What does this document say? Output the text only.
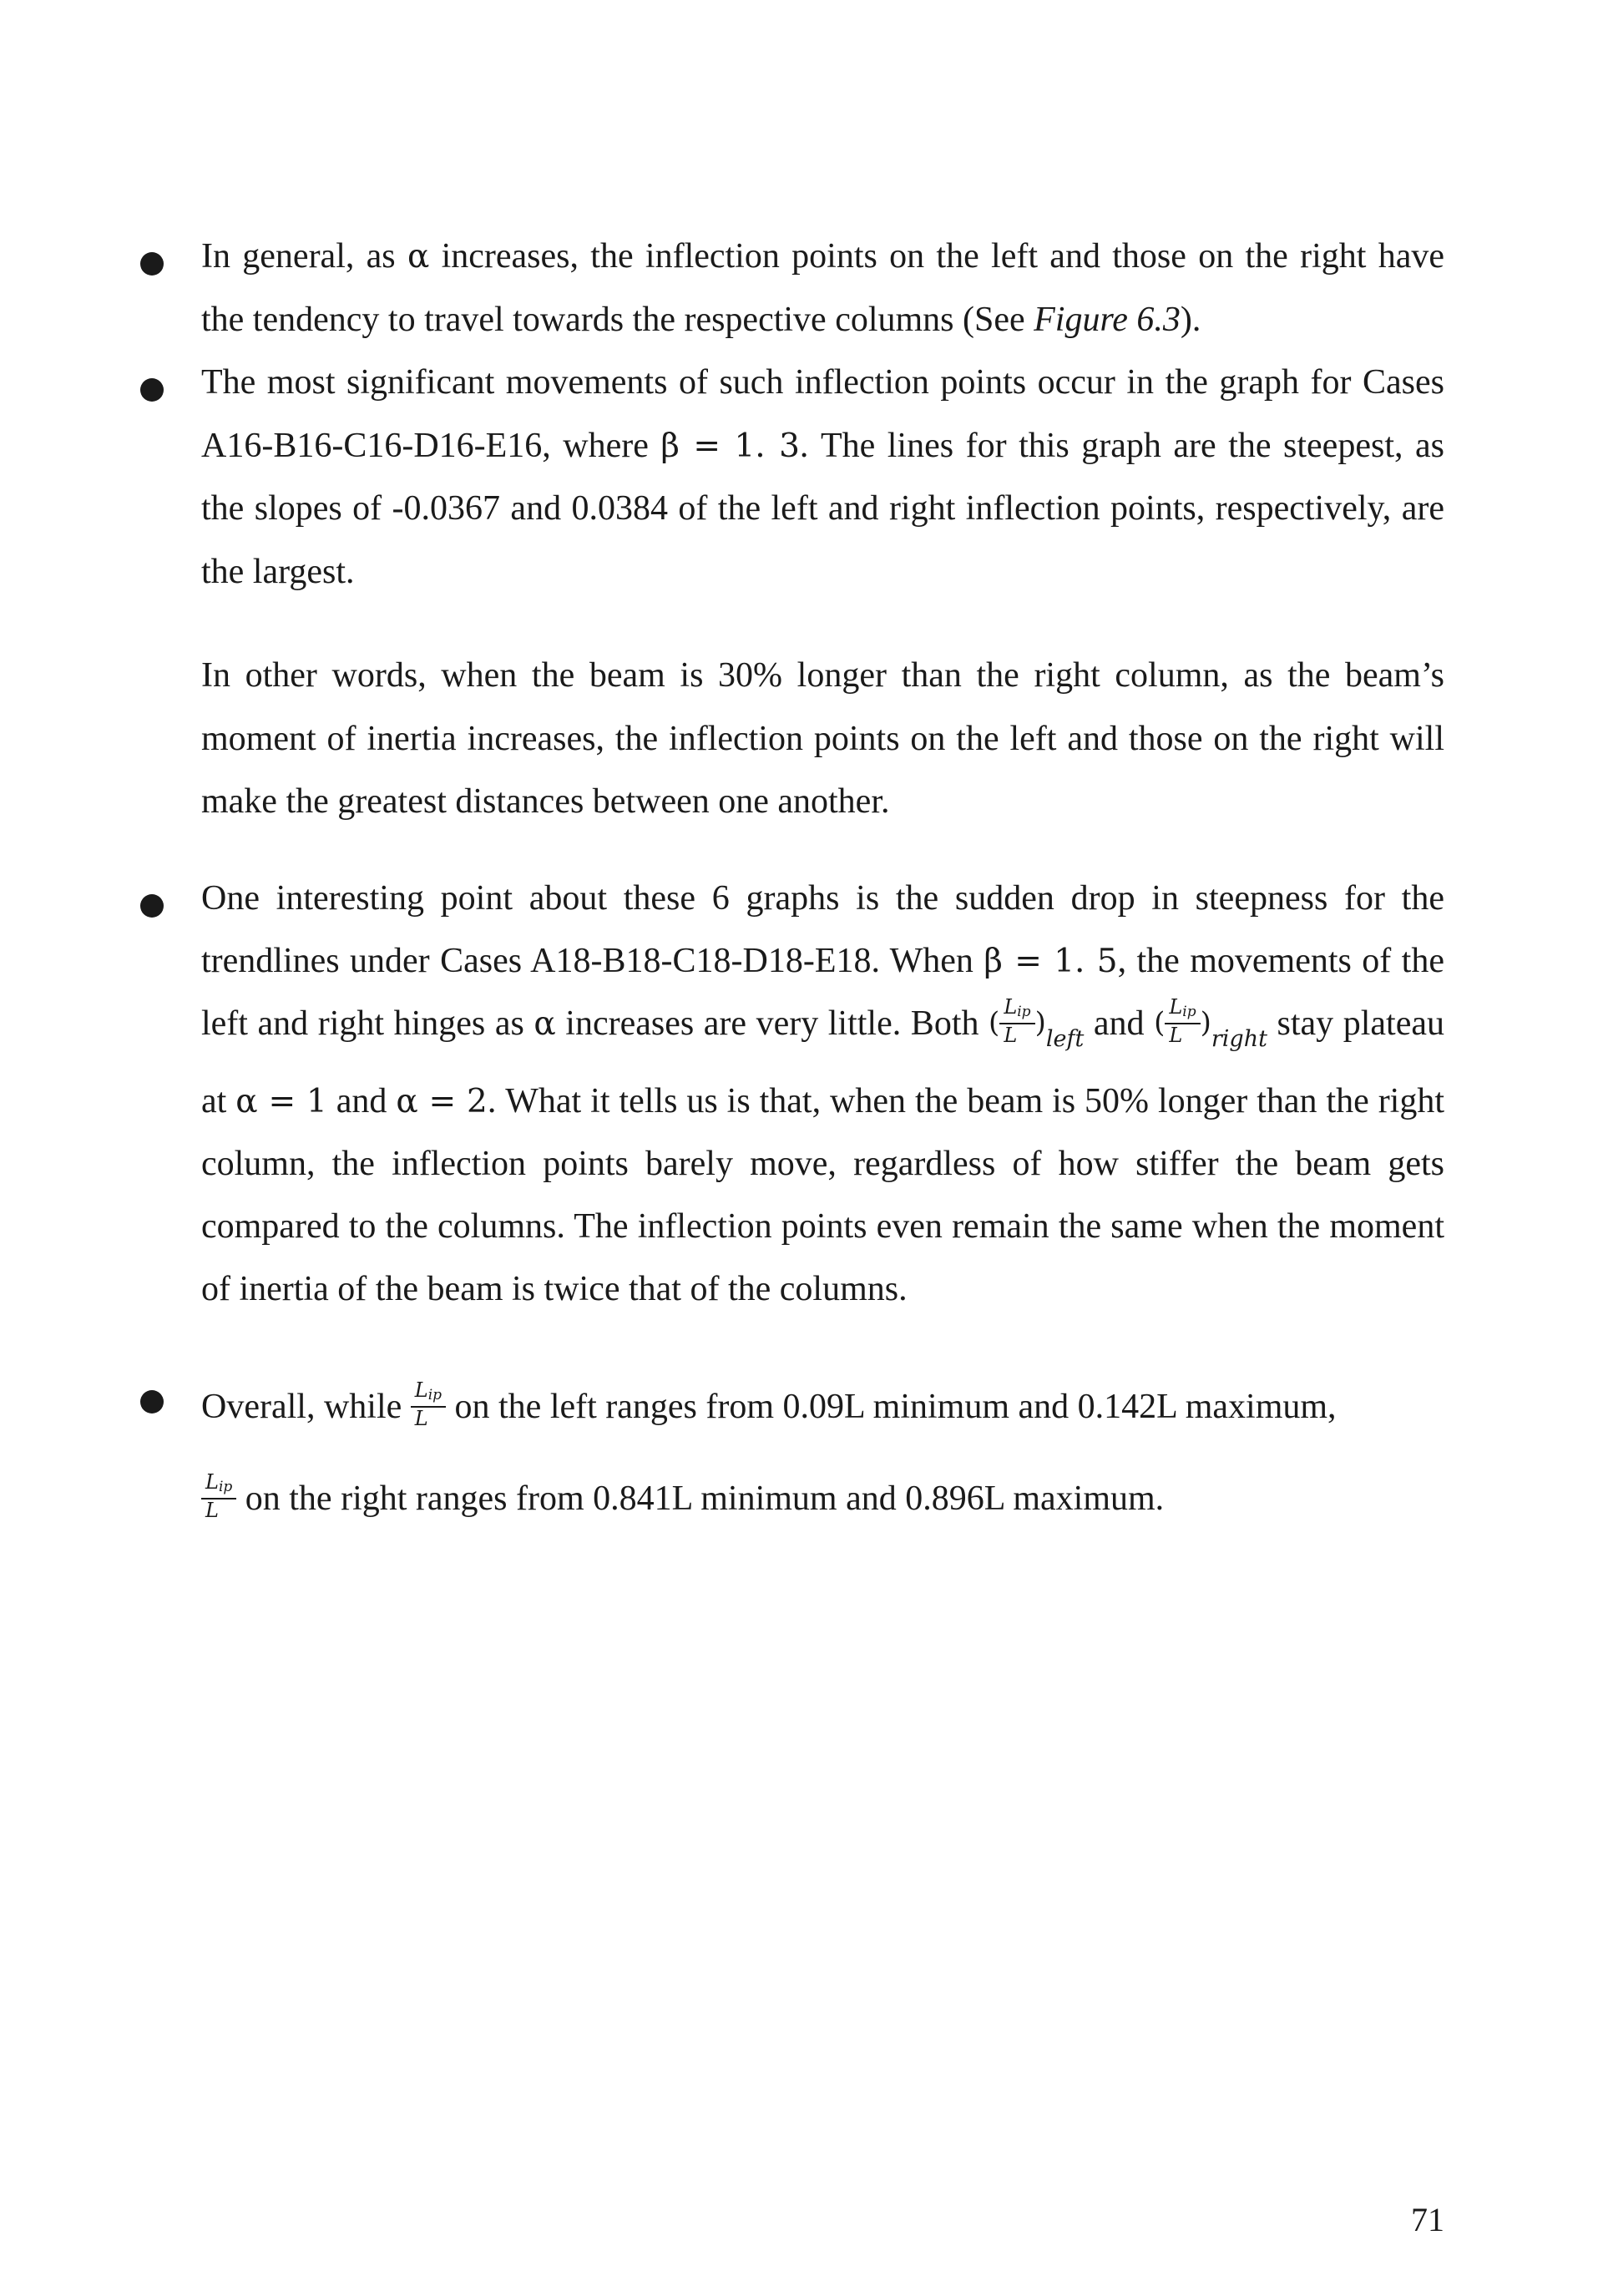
In general, as α increases, the inflection points on the left and those on the right have the tendency to travel towards the respective columns (See Figure 6.3).

The most significant movements of such inflection points occur in the graph for Cases A16-B16-C16-D16-E16, where β = 1. 3. The lines for this graph are the steepest, as the slopes of -0.0367 and 0.0384 of the left and right inflection points, respectively, are the largest.

In other words, when the beam is 30% longer than the right column, as the beam’s moment of inertia increases, the inflection points on the left and those on the right will make the greatest distances between one another.

One interesting point about these 6 graphs is the sudden drop in steepness for the trendlines under Cases A18-B18-C18-D18-E18. When β = 1. 5, the movements of the left and right hinges as α increases are very little. Both ( $\frac{L_{ip}}{L} )_{left}$ and ( $\frac{L_{ip}}{L} )_{right}$ stay plateau at α = 1 and α = 2. What it tells us is that, when the beam is 50% longer than the right column, the inflection points barely move, regardless of how stiffer the beam gets compared to the columns. The inflection points even remain the same when the moment of inertia of the beam is twice that of the columns.

Overall, while $\frac{L_{ip}}{L}$ on the left ranges from 0.09L minimum and 0.142L maximum,

$\frac{L_{ip}}{L}$ on the right ranges from 0.841L minimum and 0.896L maximum.

71
